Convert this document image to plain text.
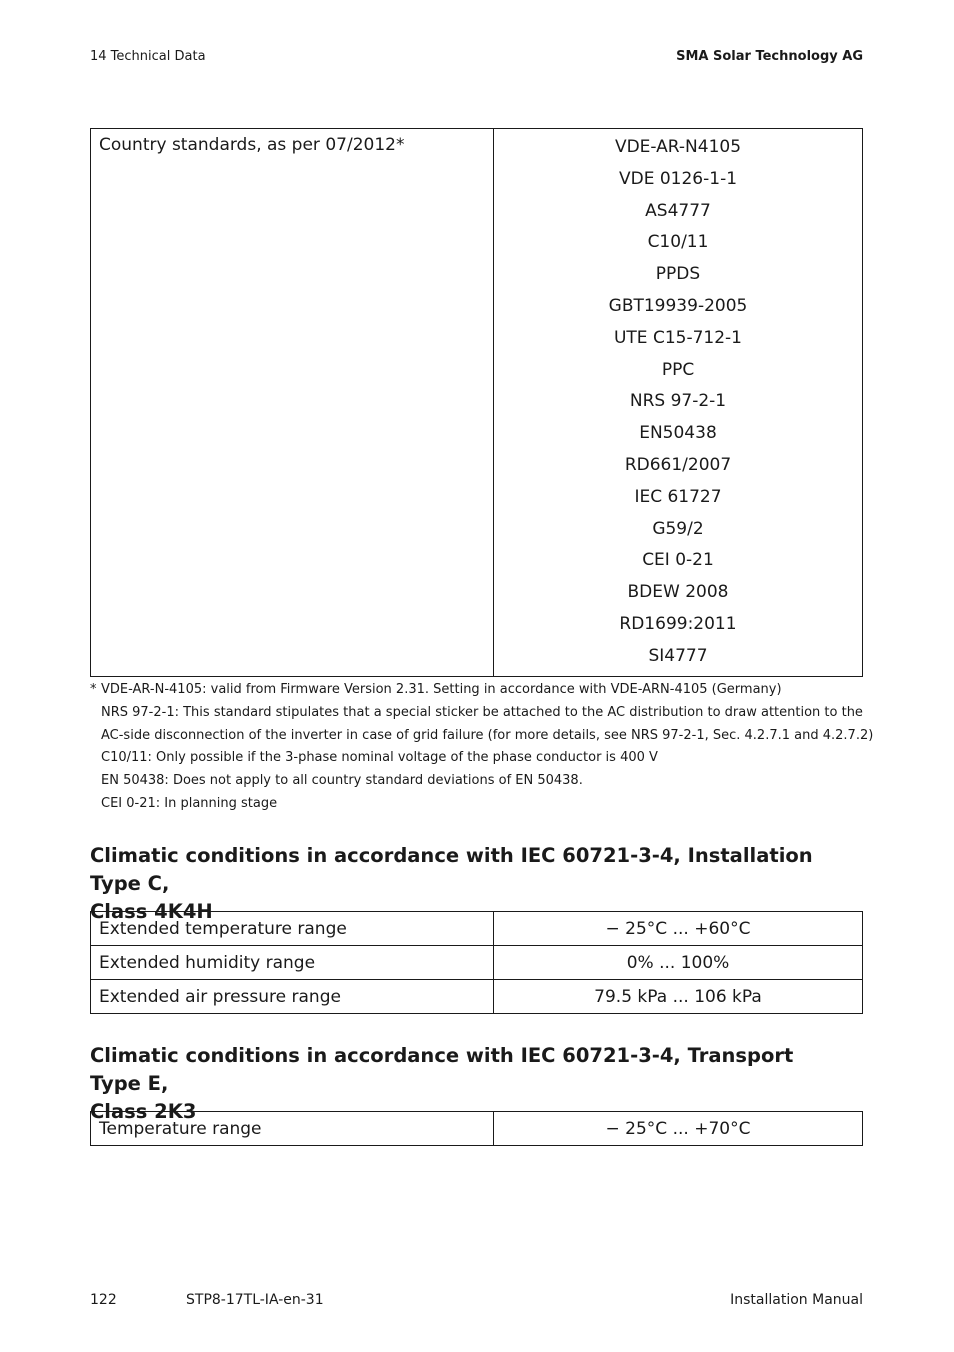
14 Technical Data	SMA Solar Technology AG
Country standards, as per 07/2012*	VDE-AR-N4105
VDE 0126-1-1
AS4777
C10/11
PPDS
GBT19939-2005
UTE C15-712-1
PPC
NRS 97-2-1
EN50438
RD661/2007
IEC 61727
G59/2
CEI 0-21
BDEW 2008
RD1699:2011
SI4777
* VDE-AR-N-4105: valid from Firmware Version 2.31. Setting in accordance with VDE-ARN-4105 (Germany)
NRS 97-2-1: This standard stipulates that a special sticker be attached to the AC distribution to draw attention to the
AC-side disconnection of the inverter in case of grid failure (for more details, see NRS 97-2-1, Sec. 4.2.7.1 and 4.2.7.2)
C10/11: Only possible if the 3-phase nominal voltage of the phase conductor is 400 V
EN 50438: Does not apply to all country standard deviations of EN 50438.
CEI 0-21: In planning stage
Climatic conditions in accordance with IEC 60721-3-4, Installation Type C,
Class 4K4H
Extended temperature range	− 25°C ... +60°C
Extended humidity range	0% ... 100%
Extended air pressure range	79.5 kPa ... 106 kPa
Climatic conditions in accordance with IEC 60721-3-4, Transport Type E,
Class 2K3
Temperature range	− 25°C ... +70°C
122	STP8-17TL-IA-en-31	Installation Manual
